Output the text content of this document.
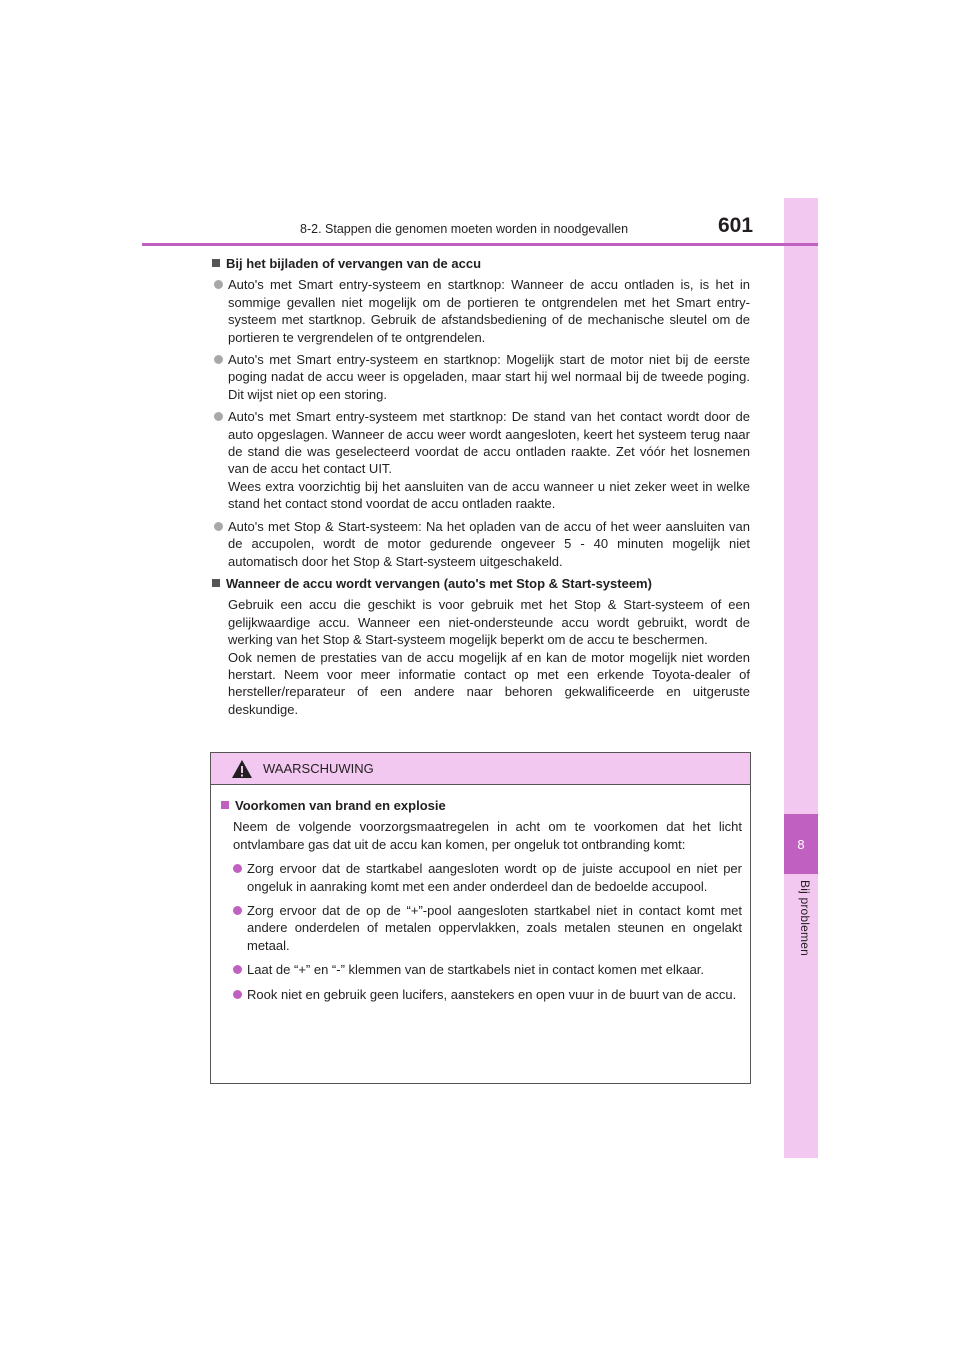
8
Bij problemen
8-2. Stappen die genomen moeten worden in noodgevallen	601
Bij het bijladen of vervangen van de accu
Auto's met Smart entry-systeem en startknop: Wanneer de accu ontladen is, is het in sommige gevallen niet mogelijk om de portieren te ontgrendelen met het Smart entry-systeem met startknop. Gebruik de afstandsbediening of de mechanische sleutel om de portieren te vergrendelen of te ontgrendelen.
Auto's met Smart entry-systeem en startknop: Mogelijk start de motor niet bij de eerste poging nadat de accu weer is opgeladen, maar start hij wel normaal bij de tweede poging. Dit wijst niet op een storing.
Auto's met Smart entry-systeem met startknop: De stand van het contact wordt door de auto opgeslagen. Wanneer de accu weer wordt aangesloten, keert het systeem terug naar de stand die was geselecteerd voordat de accu ontladen raakte. Zet vóór het losnemen van de accu het contact UIT.
Wees extra voorzichtig bij het aansluiten van de accu wanneer u niet zeker weet in welke stand het contact stond voordat de accu ontladen raakte.
Auto's met Stop & Start-systeem: Na het opladen van de accu of het weer aansluiten van de accupolen, wordt de motor gedurende ongeveer 5 - 40 minuten mogelijk niet automatisch door het Stop & Start-systeem uitgeschakeld.
Wanneer de accu wordt vervangen (auto's met Stop & Start-systeem)
Gebruik een accu die geschikt is voor gebruik met het Stop & Start-systeem of een gelijkwaardige accu. Wanneer een niet-ondersteunde accu wordt gebruikt, wordt de werking van het Stop & Start-systeem mogelijk beperkt om de accu te beschermen.
Ook nemen de prestaties van de accu mogelijk af en kan de motor mogelijk niet worden herstart. Neem voor meer informatie contact op met een erkende Toyota-dealer of hersteller/reparateur of een andere naar behoren gekwalificeerde en uitgeruste deskundige.
WAARSCHUWING
Voorkomen van brand en explosie
Neem de volgende voorzorgsmaatregelen in acht om te voorkomen dat het licht ontvlambare gas dat uit de accu kan komen, per ongeluk tot ontbranding komt:
Zorg ervoor dat de startkabel aangesloten wordt op de juiste accupool en niet per ongeluk in aanraking komt met een ander onderdeel dan de bedoelde accupool.
Zorg ervoor dat de op de “+”-pool aangesloten startkabel niet in contact komt met andere onderdelen of metalen oppervlakken, zoals metalen steunen en ongelakt metaal.
Laat de “+” en “-” klemmen van de startkabels niet in contact komen met elkaar.
Rook niet en gebruik geen lucifers, aanstekers en open vuur in de buurt van de accu.
